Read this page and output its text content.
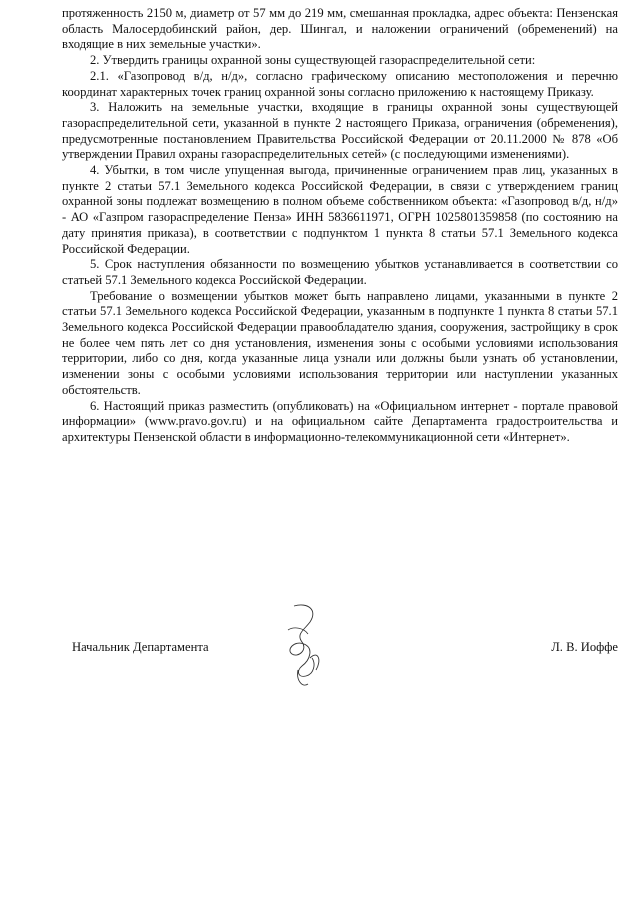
протяженность 2150 м, диаметр от 57 мм до 219 мм, смешанная прокладка, адрес объекта: Пензенская область Малосердобинский район, дер. Шингал, и наложении ограничений (обременений) на входящие в них земельные участки».

2. Утвердить границы охранной зоны существующей газораспределительной сети:

2.1. «Газопровод в/д, н/д», согласно графическому описанию местоположения и перечню координат характерных точек границ охранной зоны согласно приложению к настоящему Приказу.

3. Наложить на земельные участки, входящие в границы охранной зоны существующей газораспределительной сети, указанной в пункте 2 настоящего Приказа, ограничения (обременения), предусмотренные постановлением Правительства Российской Федерации от 20.11.2000 № 878 «Об утверждении Правил охраны газораспределительных сетей» (с последующими изменениями).

4. Убытки, в том числе упущенная выгода, причиненные ограничением прав лиц, указанных в пункте 2 статьи 57.1 Земельного кодекса Российской Федерации, в связи с утверждением границ охранной зоны подлежат возмещению в полном объеме собственником объекта: «Газопровод в/д, н/д» - АО «Газпром газораспределение Пенза» ИНН 5836611971, ОГРН 1025801359858 (по состоянию на дату принятия приказа), в соответствии с подпунктом 1 пункта 8 статьи 57.1 Земельного кодекса Российской Федерации.

5. Срок наступления обязанности по возмещению убытков устанавливается в соответствии со статьей 57.1 Земельного кодекса Российской Федерации.

Требование о возмещении убытков может быть направлено лицами, указанными в пункте 2 статьи 57.1 Земельного кодекса Российской Федерации, указанным в подпункте 1 пункта 8 статьи 57.1 Земельного кодекса Российской Федерации правообладателю здания, сооружения, застройщику в срок не более чем пять лет со дня установления, изменения зоны с особыми условиями использования территории, либо со дня, когда указанные лица узнали или должны были узнать об установлении, изменении зоны с особыми условиями использования территории или наступлении указанных обстоятельств.

6. Настоящий приказ разместить (опубликовать) на «Официальном интернет - портале правовой информации» (www.pravo.gov.ru) и на официальном сайте Департамента градостроительства и архитектуры Пензенской области в информационно-телекоммуникационной сети «Интернет».

Начальник Департамента	Л. В. Иоффе
